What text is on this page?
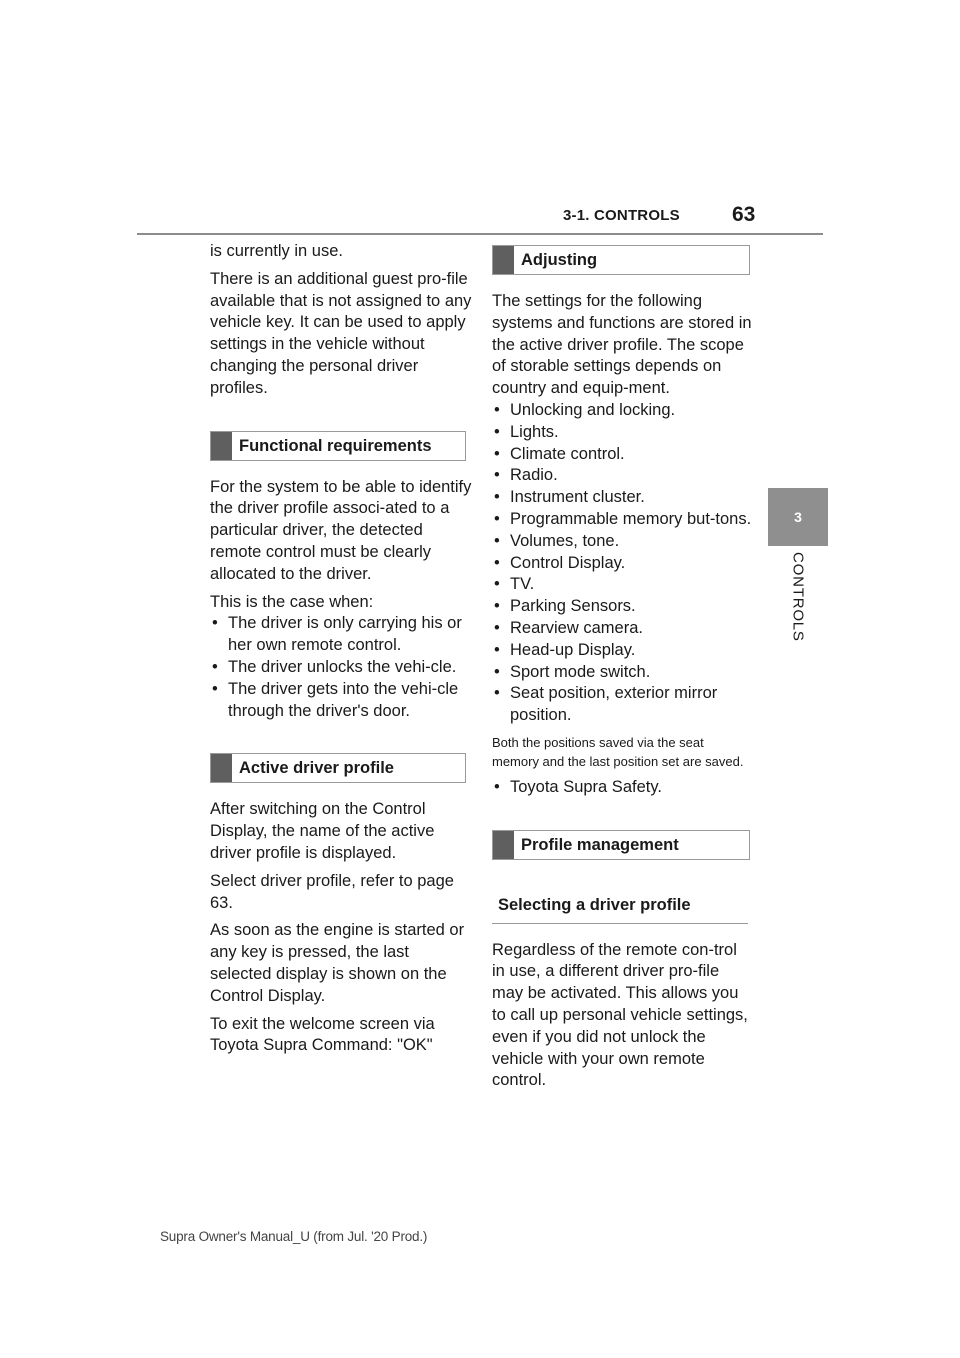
3-1. CONTROLS 63
3
CONTROLS

is currently in use.

There is an additional guest pro-file available that is not assigned to any vehicle key. It can be used to apply settings in the vehicle without changing the personal driver profiles.

Functional requirements

For the system to be able to identify the driver profile associ-ated to a particular driver, the detected remote control must be clearly allocated to the driver.

This is the case when:

• The driver is only carrying his or her own remote control.
• The driver unlocks the vehi-cle.
• The driver gets into the vehi-cle through the driver's door.
Active driver profile

After switching on the Control Display, the name of the active driver profile is displayed.

Select driver profile, refer to page 63.

As soon as the engine is started or any key is pressed, the last selected display is shown on the Control Display.

To exit the welcome screen via Toyota Supra Command: "OK"

Adjusting

The settings for the following systems and functions are stored in the active driver profile. The scope of storable settings depends on country and equip-ment.

• Unlocking and locking.
• Lights.
• Climate control.
• Radio.
• Instrument cluster.
• Programmable memory but-tons.
• Volumes, tone.
• Control Display.
• TV.
• Parking Sensors.
• Rearview camera.
• Head-up Display.
• Sport mode switch.
• Seat position, exterior mirror position.

Both the positions saved via the seat memory and the last position set are saved.

• Toyota Supra Safety.
Profile management
Selecting a driver profile

Regardless of the remote con-trol in use, a different driver pro-file may be activated. This allows you to call up personal vehicle settings, even if you did not unlock the vehicle with your own remote control.

Supra Owner's Manual_U (from Jul. '20 Prod.)
